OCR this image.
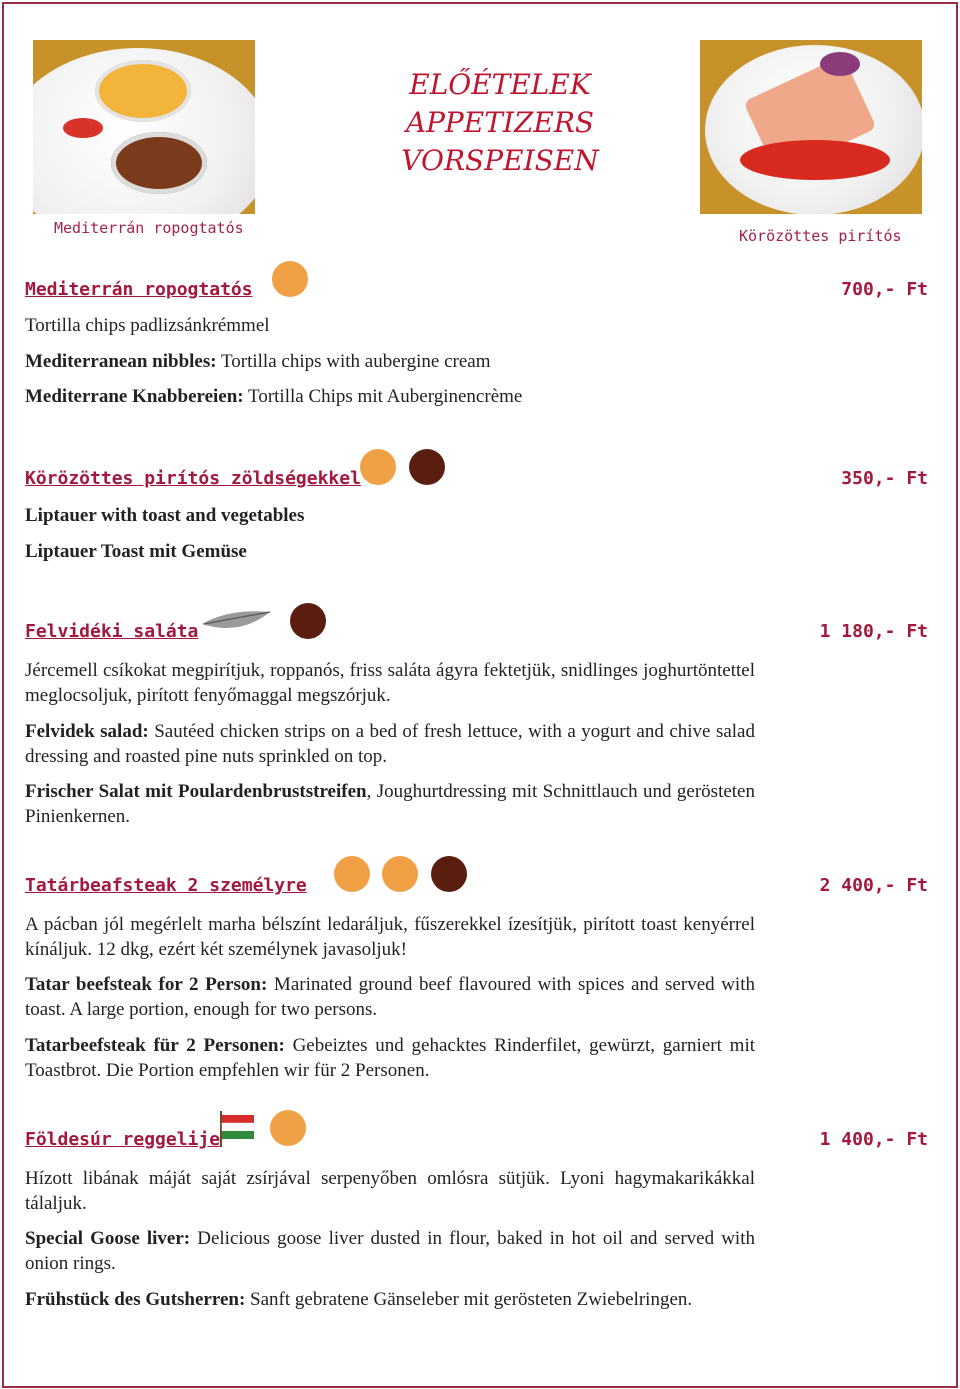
Mediterrán ropogtatós
ELŐÉTELEK
APPETIZERS
VORSPEISEN
Körözöttes pirítós
Mediterrán ropogtatós	700,- Ft
Tortilla chips padlizsánkrémmel
Mediterranean nibbles: Tortilla chips with aubergine cream
Mediterrane Knabbereien: Tortilla Chips mit Auberginencrème
Körözöttes pirítós zöldségekkel	350,- Ft
Liptauer with toast and vegetables
Liptauer Toast mit Gemüse
Felvidéki saláta	1 180,- Ft
Jércemell csíkokat megpirítjuk, roppanós, friss saláta ágyra fektetjük, snidlinges joghurtöntettel meglocsoljuk, pirított fenyőmaggal megszórjuk.
Felvidek salad: Sautéed chicken strips on a bed of fresh lettuce, with a yogurt and chive salad dressing and roasted pine nuts sprinkled on top.
Frischer Salat mit Poulardenbruststreifen, Joughurtdressing mit Schnittlauch und gerösteten Pinienkernen.
Tatárbeafsteak 2 személyre	2 400,- Ft
A pácban jól megérlelt marha bélszínt ledaráljuk, fűszerekkel ízesítjük, pirított toast kenyérrel kínáljuk. 12 dkg, ezért két személynek javasoljuk!
Tatar beefsteak for 2 Person: Marinated ground beef flavoured with spices and served with toast. A large portion, enough for two persons.
Tatarbeefsteak für 2 Personen: Gebeiztes und gehacktes Rinderfilet, gewürzt, garniert mit Toastbrot. Die Portion empfehlen wir für 2 Personen.
Földesúr reggelije	1 400,- Ft
Hízott libának máját saját zsírjával serpenyőben omlósra sütjük. Lyoni hagymakarikákkal tálaljuk.
Special Goose liver: Delicious goose liver dusted in flour, baked in hot oil and served with onion rings.
Frühstück des Gutsherren: Sanft gebratene Gänseleber mit gerösteten Zwiebelringen.
